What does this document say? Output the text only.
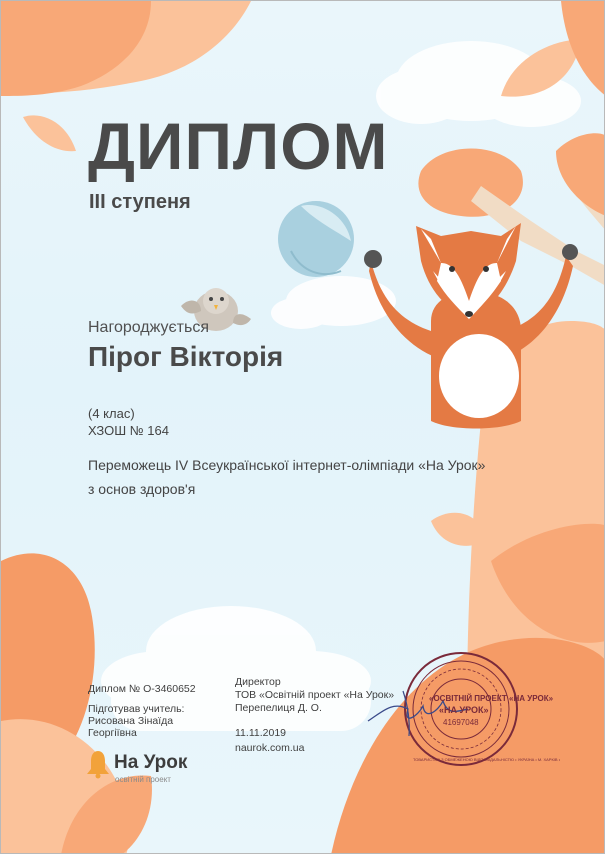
ДИПЛОМ
III ступеня
Нагороджується
Пірог Вікторія
(4 клас)
ХЗОШ № 164
Переможець IV Всеукраїнської інтернет-олімпіади «На Урок»
з основ здоров'я
Диплом № О-3460652
Підготував учитель:
Рисована Зінаїда
Георгіївна
Директор
ТОВ «Освітній проект «На Урок»
Перепелиця Д. О.
11.11.2019
naurok.com.ua
«ОСВІТНІЙ ПРОЕКТ «НА УРОК»
«НА УРОК»
41697048
ТОВАРИСТВО З ОБМЕЖЕНОЮ ВІДПОВІДАЛЬНІСТЮ • УКРАЇНА • М. ХАРКІВ •
На Урок
освітній проект
